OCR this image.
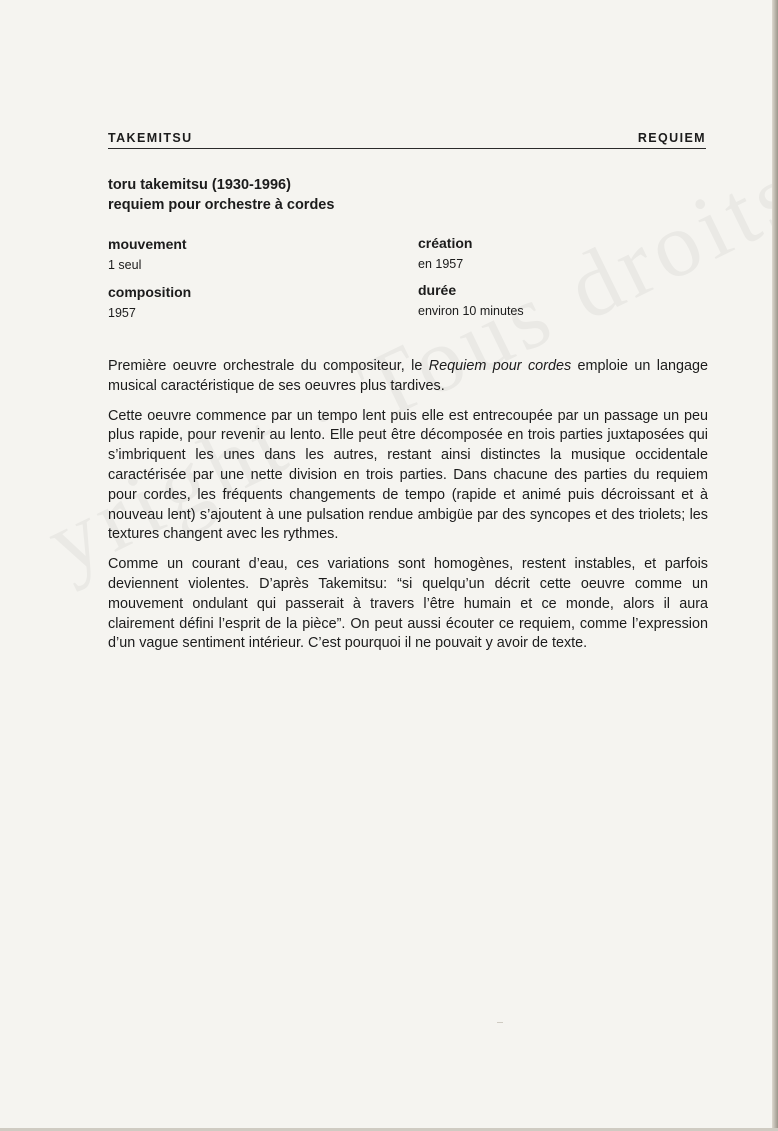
TAKEMITSU	REQUIEM
toru takemitsu (1930-1996)
requiem pour orchestre à cordes
mouvement
1 seul
création
en 1957
composition
1957
durée
environ 10 minutes

Première oeuvre orchestrale du compositeur, le Requiem pour cordes emploie un langage musical caractéristique de ses oeuvres plus tardives.

Cette oeuvre commence par un tempo lent puis elle est entrecoupée par un passage un peu plus rapide, pour revenir au lento. Elle peut être décomposée en trois parties juxtaposées qui s’imbriquent les unes dans les autres, restant ainsi distinctes la musique occidentale caractérisée par une nette division en trois parties. Dans chacune des parties du requiem pour cordes, les fréquents changements de tempo (rapide et animé puis décroissant et à nouveau lent) s’ajoutent à une pulsation rendue ambigüe par des syncopes et des triolets; les textures changent avec les rythmes.

Comme un courant d’eau, ces variations sont homogènes, restent instables, et parfois deviennent violentes. D’après Takemitsu: “si quelqu’un décrit cette oeuvre comme un mouvement ondulant qui passerait à travers l’être humain et ce monde, alors il aura clairement défini l’esprit de la pièce”. On peut aussi écouter ce requiem, comme l’expression d’un vague sentiment intérieur. C’est pourquoi il ne pouvait y avoir de texte.
